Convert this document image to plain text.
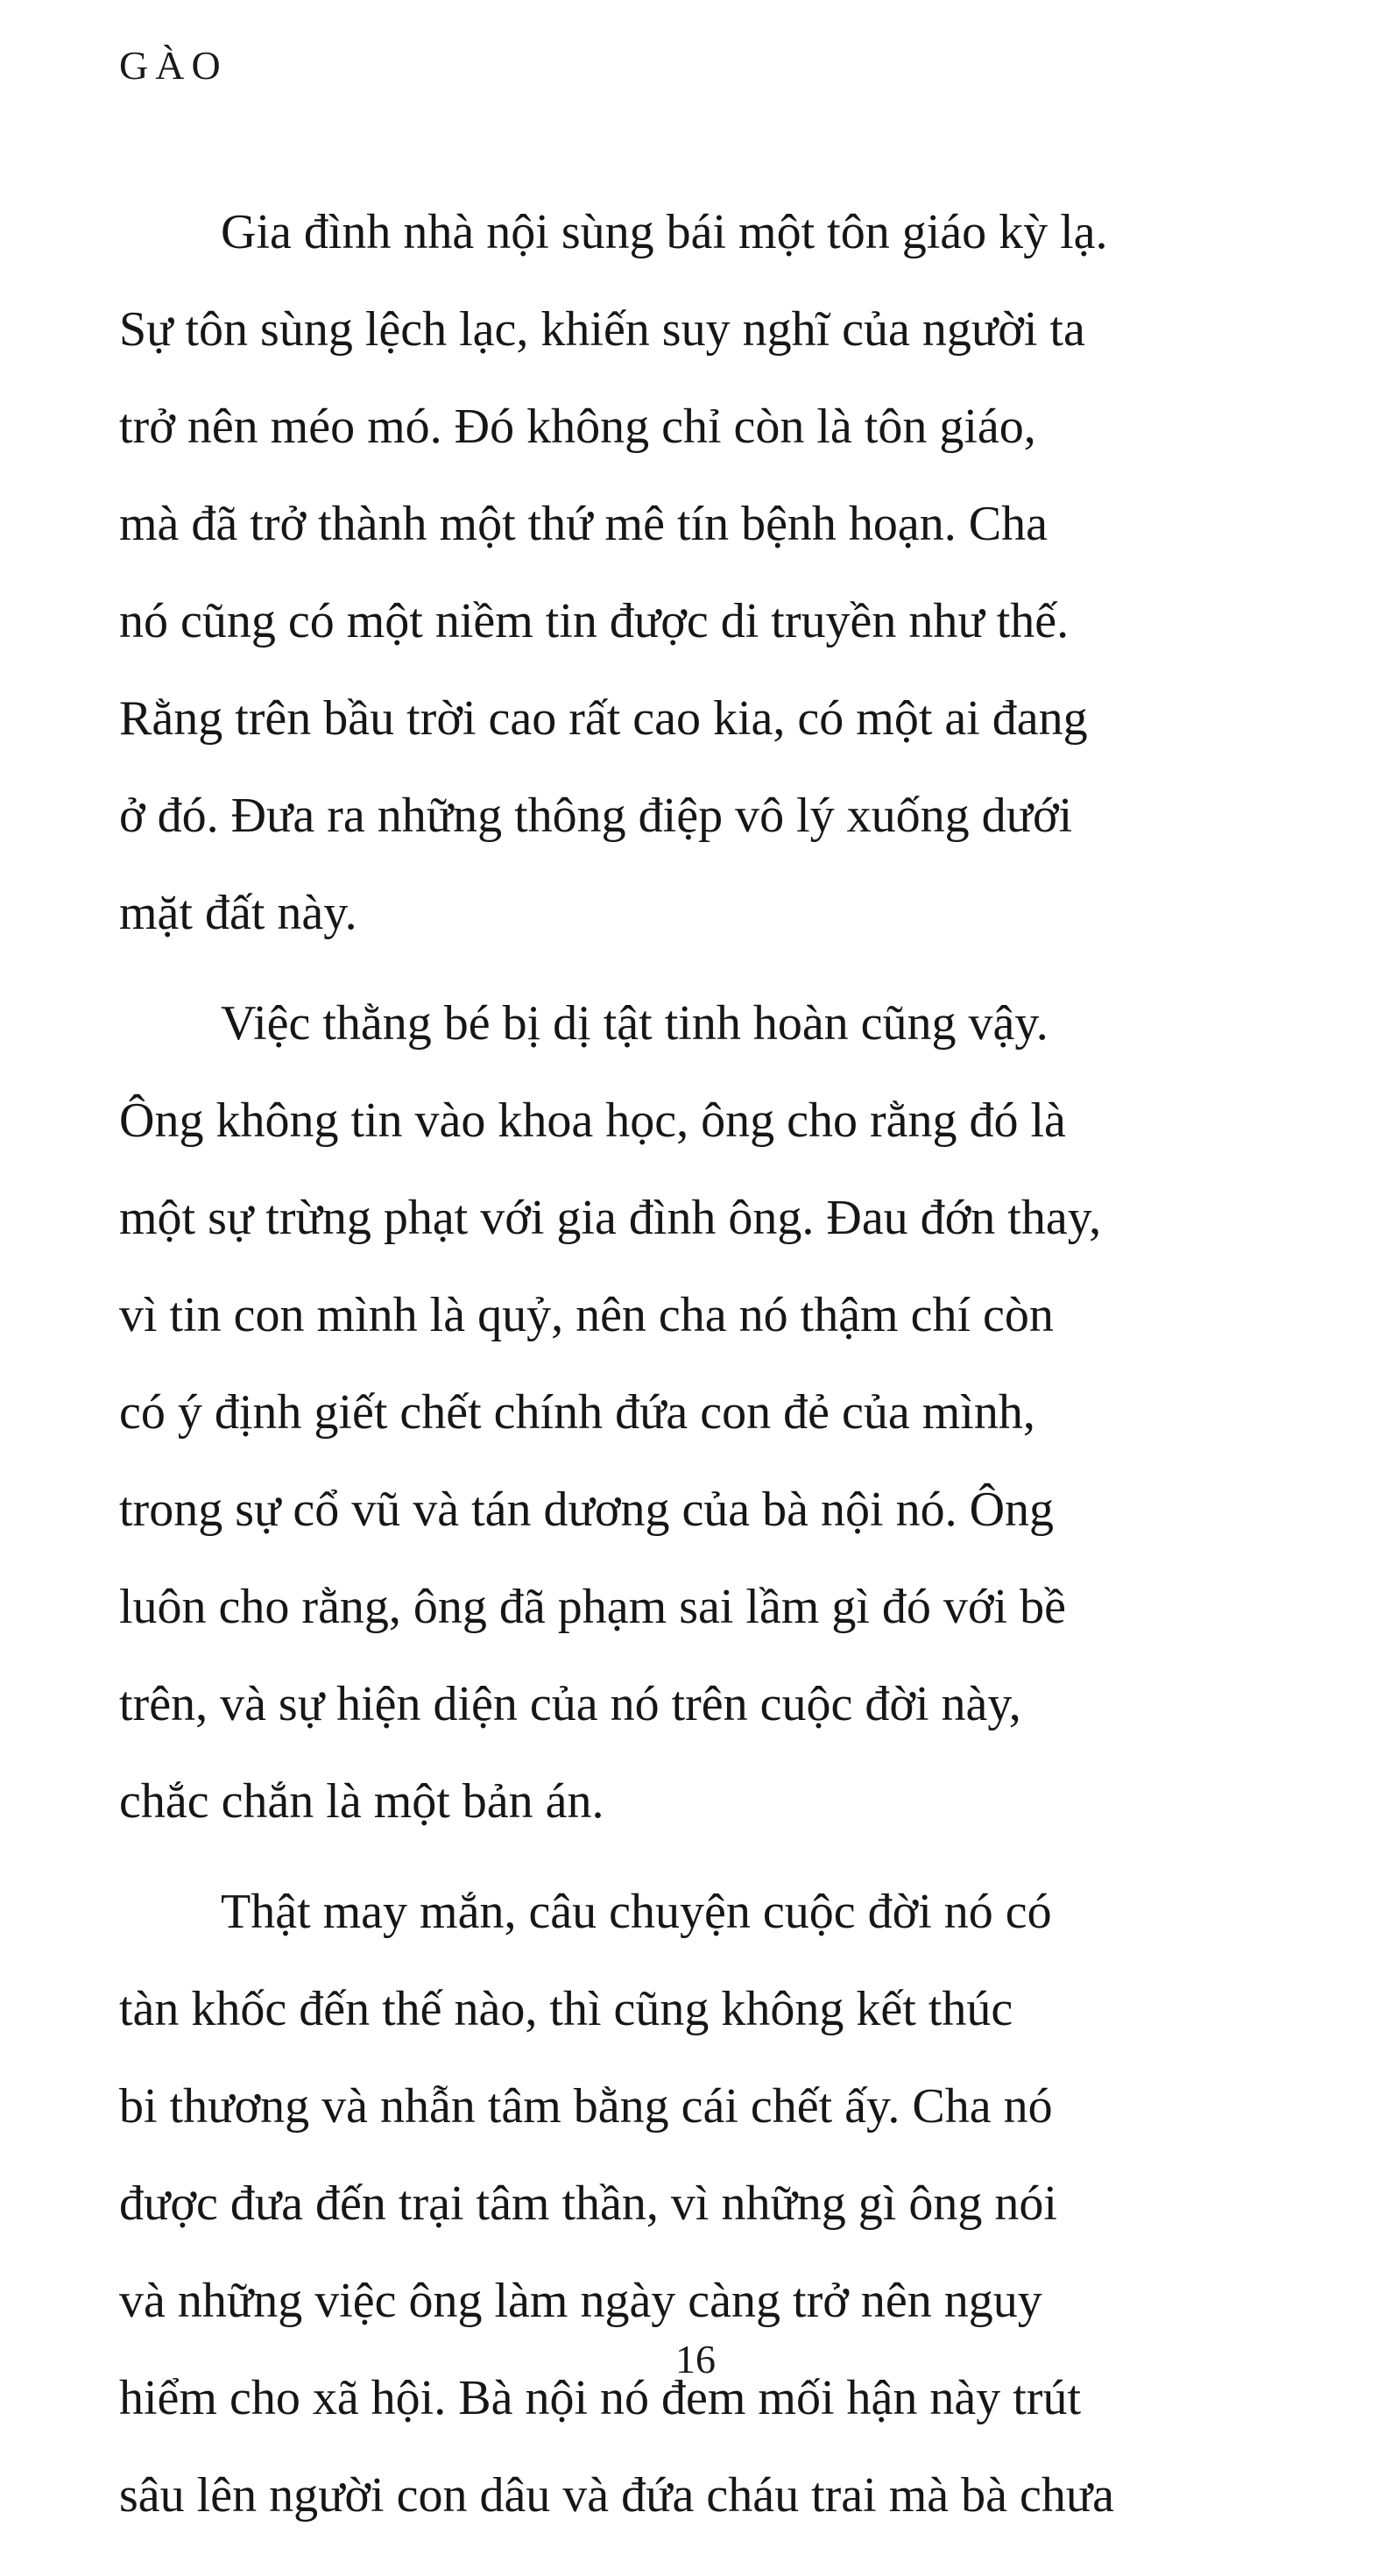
GÀO

Gia đình nhà nội sùng bái một tôn giáo kỳ lạ.
Sự tôn sùng lệch lạc, khiến suy nghĩ của người ta
trở nên méo mó. Đó không chỉ còn là tôn giáo,
mà đã trở thành một thứ mê tín bệnh hoạn. Cha
nó cũng có một niềm tin được di truyền như thế.
Rằng trên bầu trời cao rất cao kia, có một ai đang
ở đó. Đưa ra những thông điệp vô lý xuống dưới
mặt đất này.

Việc thằng bé bị dị tật tinh hoàn cũng vậy.
Ông không tin vào khoa học, ông cho rằng đó là
một sự trừng phạt với gia đình ông. Đau đớn thay,
vì tin con mình là quỷ, nên cha nó thậm chí còn
có ý định giết chết chính đứa con đẻ của mình,
trong sự cổ vũ và tán dương của bà nội nó. Ông
luôn cho rằng, ông đã phạm sai lầm gì đó với bề
trên, và sự hiện diện của nó trên cuộc đời này,
chắc chắn là một bản án.

Thật may mắn, câu chuyện cuộc đời nó có
tàn khốc đến thế nào, thì cũng không kết thúc
bi thương và nhẫn tâm bằng cái chết ấy. Cha nó
được đưa đến trại tâm thần, vì những gì ông nói
và những việc ông làm ngày càng trở nên nguy
hiểm cho xã hội. Bà nội nó đem mối hận này trút
sâu lên người con dâu và đứa cháu trai mà bà chưa

16
